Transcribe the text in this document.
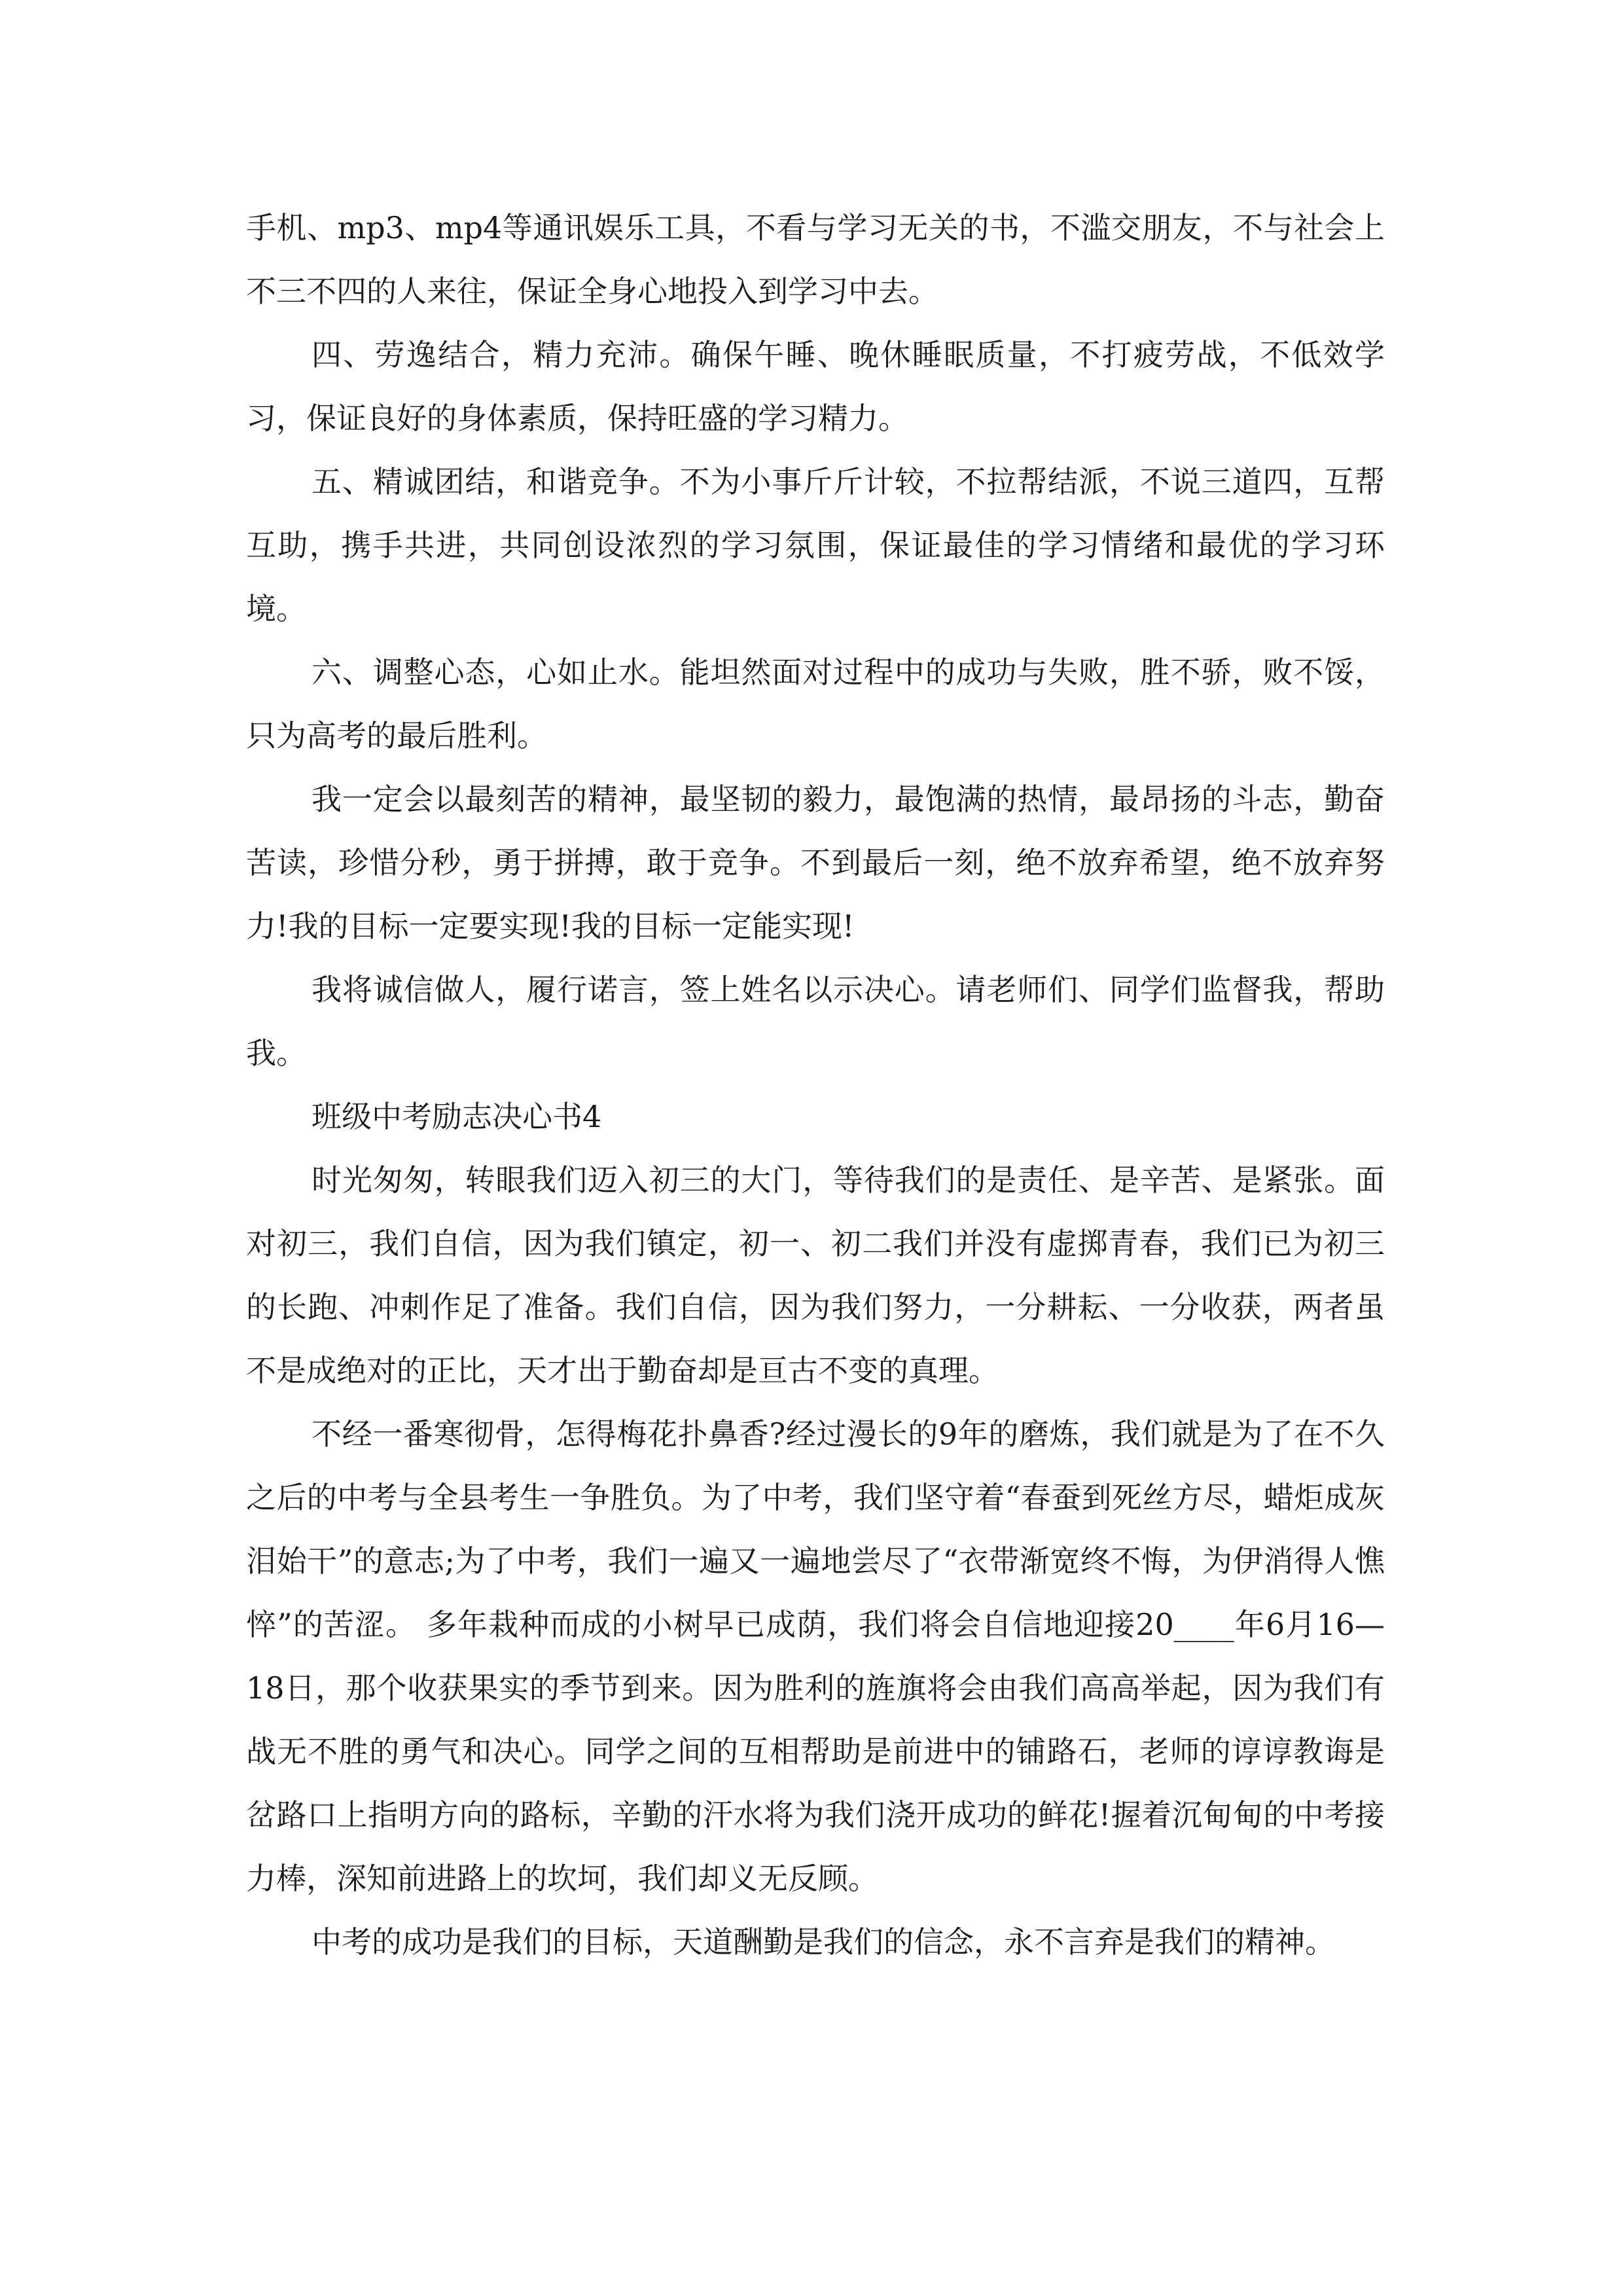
手机、mp3、mp4等通讯娱乐工具，不看与学习无关的书，不滥交朋友，不与社会上不三不四的人来往，保证全身心地投入到学习中去。

四、劳逸结合，精力充沛。确保午睡、晚休睡眠质量，不打疲劳战，不低效学习，保证良好的身体素质，保持旺盛的学习精力。

五、精诚团结，和谐竞争。不为小事斤斤计较，不拉帮结派，不说三道四，互帮互助，携手共进，共同创设浓烈的学习氛围，保证最佳的学习情绪和最优的学习环境。

六、调整心态，心如止水。能坦然面对过程中的成功与失败，胜不骄，败不馁，只为高考的最后胜利。

我一定会以最刻苦的精神，最坚韧的毅力，最饱满的热情，最昂扬的斗志，勤奋苦读，珍惜分秒，勇于拼搏，敢于竞争。不到最后一刻，绝不放弃希望，绝不放弃努力!我的目标一定要实现!我的目标一定能实现!

我将诚信做人，履行诺言，签上姓名以示决心。请老师们、同学们监督我，帮助我。

班级中考励志决心书4

时光匆匆，转眼我们迈入初三的大门，等待我们的是责任、是辛苦、是紧张。面对初三，我们自信，因为我们镇定，初一、初二我们并没有虚掷青春，我们已为初三的长跑、冲刺作足了准备。我们自信，因为我们努力，一分耕耘、一分收获，两者虽不是成绝对的正比，天才出于勤奋却是亘古不变的真理。

不经一番寒彻骨，怎得梅花扑鼻香?经过漫长的9年的磨炼，我们就是为了在不久之后的中考与全县考生一争胜负。为了中考，我们坚守着“春蚕到死丝方尽，蜡炬成灰泪始干”的意志;为了中考，我们一遍又一遍地尝尽了“衣带渐宽终不悔，为伊消得人憔悴”的苦涩。 多年栽种而成的小树早已成荫，我们将会自信地迎接20____年6月16—18日，那个收获果实的季节到来。因为胜利的旌旗将会由我们高高举起，因为我们有战无不胜的勇气和决心。同学之间的互相帮助是前进中的铺路石，老师的谆谆教诲是岔路口上指明方向的路标，辛勤的汗水将为我们浇开成功的鲜花!握着沉甸甸的中考接力棒，深知前进路上的坎坷，我们却义无反顾。

中考的成功是我们的目标，天道酬勤是我们的信念，永不言弃是我们的精神。
